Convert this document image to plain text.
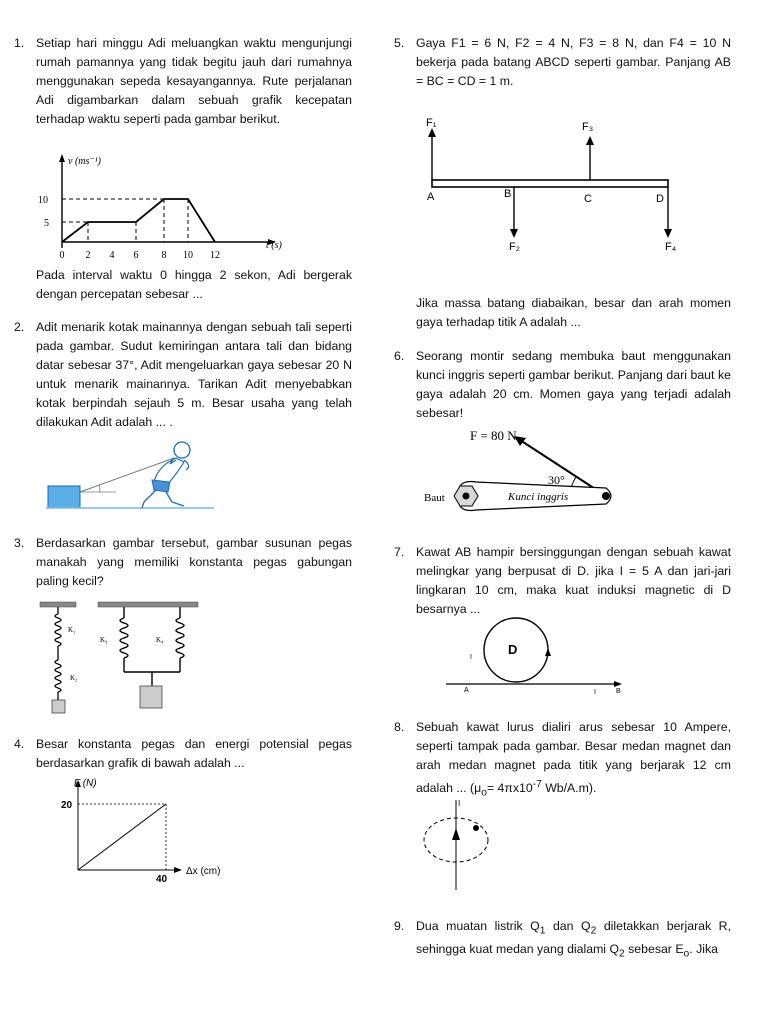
1. Setiap hari minggu Adi meluangkan waktu mengunjungi rumah pamannya yang tidak begitu jauh dari rumahnya menggunakan sepeda kesayangannya. Rute perjalanan Adi digambarkan dalam sebuah grafik kecepatan terhadap waktu seperti pada gambar berikut.
v (ms⁻¹)
t (s)
10
5
0 2 4 6 8 10 12
Pada interval waktu 0 hingga 2 sekon, Adi bergerak dengan percepatan sebesar ...
2. Adit menarik kotak mainannya dengan sebuah tali seperti pada gambar. Sudut kemiringan antara tali dan bidang datar sebesar 37°, Adit mengeluarkan gaya sebesar 20 N untuk menarik mainannya. Tarikan Adit menyebabkan kotak berpindah sejauh 5 m. Besar usaha yang telah dilakukan Adit adalah ... .
3. Berdasarkan gambar tersebut, gambar susunan pegas manakah yang memiliki konstanta pegas gabungan paling kecil?
K₁
K₂
K₃	K₄
4. Besar konstanta pegas dan energi potensial pegas berdasarkan grafik di bawah adalah ...
F (N)
Δx (cm)
20
40
5. Gaya F1 = 6 N, F2 = 4 N, F3 = 8 N, dan F4 = 10 N bekerja pada batang ABCD seperti gambar. Panjang AB = BC = CD = 1 m.
F₁
F₂
F₃
F₄
A	B	C	D
Jika massa batang diabaikan, besar dan arah momen gaya terhadap titik A adalah ...
6. Seorang montir sedang membuka baut menggunakan kunci inggris seperti gambar berikut. Panjang dari baut ke gaya adalah 20 cm. Momen gaya yang terjadi adalah sebesar!
F = 80 N
30°
Baut	Kunci inggris
7. Kawat AB hampir bersinggungan dengan sebuah kawat melingkar yang berpusat di D. jika I = 5 A dan jari-jari lingkaran 10 cm, maka kuat induksi magnetic di D besarnya ...
D
I
A	I	B
8. Sebuah kawat lurus dialiri arus sebesar 10 Ampere, seperti tampak pada gambar. Besar medan magnet dan arah medan magnet pada titik yang berjarak 12 cm adalah ... ($\mu_o= 4\pi x10^{-7}$ Wb/A.m).
I
9. Dua muatan listrik $Q_1$ dan $Q_2$ diletakkan berjarak R, sehingga kuat medan yang dialami $Q_2$ sebesar $E_o$. Jika
